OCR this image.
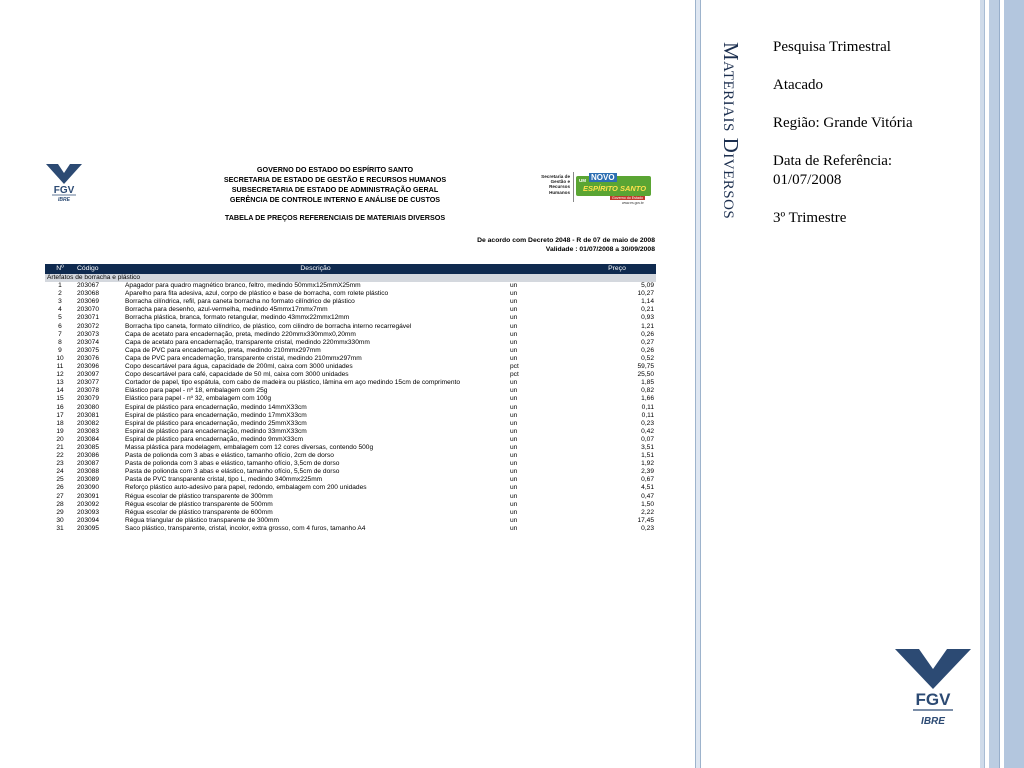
FGV
IBRE
GOVERNO DO ESTADO DO ESPÍRITO SANTO
SECRETARIA DE ESTADO DE GESTÃO E RECURSOS HUMANOS
SUBSECRETARIA DE ESTADO DE ADMINISTRAÇÃO GERAL
GERÊNCIA DE CONTROLE INTERNO E ANÁLISE DE CUSTOS
TABELA DE PREÇOS REFERENCIAIS DE MATERIAIS DIVERSOS
Secretaria de Gestão e Recursos Humanos
UM NOVO
ESPÍRITO SANTO
Governo do Estado
www.es.gov.br
De acordo com Decreto 2048 - R de 07 de maio de 2008
Validade : 01/07/2008 a 30/09/2008
Nº	Código	Descrição		Preço
Artefatos de borracha e plástico				
1	203067	Apagador para quadro magnético branco, feltro, medindo 50mmx125mmX25mm	un	5,09
2	203068	Aparelho para fita adesiva, azul, corpo de plástico e base de borracha, com rolete plástico	un	10,27
3	203069	Borracha cilíndrica, refil, para caneta borracha no formato cilíndrico de plástico	un	1,14
4	203070	Borracha para desenho, azul-vermelha, medindo 45mmx17mmx7mm	un	0,21
5	203071	Borracha plástica, branca, formato retangular, medindo 43mmx22mmx12mm	un	0,93
6	203072	Borracha tipo caneta, formato cilíndrico, de plástico, com cilindro de borracha interno recarregável	un	1,21
7	203073	Capa de acetato para encadernação, preta, medindo 220mmx330mmx0,20mm	un	0,26
8	203074	Capa de acetato para encadernação, transparente cristal, medindo 220mmx330mm	un	0,27
9	203075	Capa de PVC para encadernação, preta, medindo 210mmx297mm	un	0,26
10	203076	Capa de PVC para encadernação, transparente cristal, medindo 210mmx297mm	un	0,52
11	203096	Copo descartável para água, capacidade de 200ml, caixa com 3000 unidades	pct	59,75
12	203097	Copo descartável para café, capacidade de 50 ml, caixa com 3000 unidades	pct	25,50
13	203077	Cortador de papel, tipo espátula, com cabo de madeira ou plástico, lâmina em aço medindo 15cm de comprimento	un	1,85
14	203078	Elástico para papel - nº 18, embalagem com 25g	un	0,82
15	203079	Elástico para papel - nº 32, embalagem com 100g	un	1,66
16	203080	Espiral de plástico para encadernação, medindo 14mmX33cm	un	0,11
17	203081	Espiral de plástico para encadernação, medindo 17mmX33cm	un	0,11
18	203082	Espiral de plástico para encadernação, medindo 25mmX33cm	un	0,23
19	203083	Espiral de plástico para encadernação, medindo 33mmX33cm	un	0,42
20	203084	Espiral de plástico para encadernação, medindo 9mmX33cm	un	0,07
21	203085	Massa plástica para modelagem, embalagem com 12 cores diversas, contendo 500g	un	3,51
22	203086	Pasta de polionda com 3 abas e elástico, tamanho ofício, 2cm de dorso	un	1,51
23	203087	Pasta de polionda com 3 abas e elástico, tamanho ofício, 3,5cm de dorso	un	1,92
24	203088	Pasta de polionda com 3 abas e elástico, tamanho ofício, 5,5cm de dorso	un	2,39
25	203089	Pasta de PVC transparente cristal, tipo L, medindo 340mmx225mm	un	0,67
26	203090	Reforço plástico auto-adesivo para papel, redondo, embalagem com 200 unidades	un	4,51
27	203091	Régua escolar de plástico transparente de 300mm	un	0,47
28	203092	Régua escolar de plástico transparente de 500mm	un	1,50
29	203093	Régua escolar de plástico transparente de 600mm	un	2,22
30	203094	Régua triangular de plástico transparente de 300mm	un	17,45
31	203095	Saco plástico, transparente, cristal, incolor, extra grosso, com 4 furos, tamanho A4	un	0,23
Materiais Diversos Pesquisa Trimestral

Atacado

Região: Grande Vitória

Data de Referência: 01/07/2008

3º Trimestre

FGV
IBRE
